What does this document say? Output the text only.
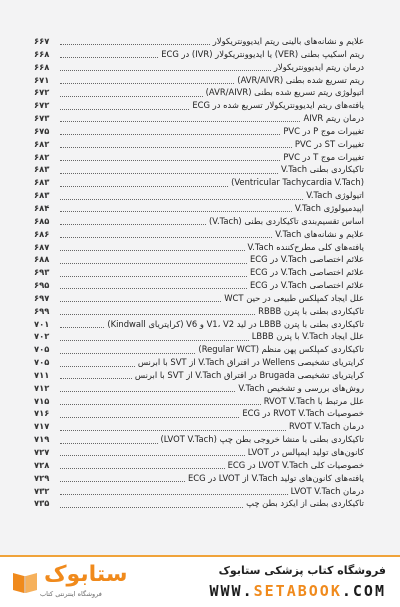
علایم و نشانه‌های بالینی ریتم ایدیوونتریکولار
۶۶۷
ریتم اسکیپ بطنی (VER) یا ایدیوونتریکولار (IVR) در ECG
۶۶۸
درمان ریتم ایدیوونتریکولار
۶۶۸
ریتم تسریع شده بطنی (AVR/AIVR)
۶۷۱
اتیولوژی ریتم تسریع شده بطنی (AVR/AIVR)
۶۷۲
یافته‌های ریتم ایدیوونتریکولار تسریع شده در ECG
۶۷۲
درمان ریتم AIVR
۶۷۳
تغییرات موج P در PVC
۶۷۵
تغییرات ST در PVC
۶۸۲
تغییرات موج T در PVC
۶۸۲
تاکیکاردی بطنی V.Tach
۶۸۳
(Ventricular Tachycardia V.Tach)
۶۸۳
اتیولوژی V.Tach
۶۸۳
اپیدمیولوژی V.Tach
۶۸۴
اساس تقسیم‌بندی تاکیکاردی بطنی (V.Tach)
۶۸۵
علایم و نشانه‌های V.Tach
۶۸۶
یافته‌های کلی مطرح‌کننده V.Tach
۶۸۷
علائم اختصاصی V.Tach در ECG
۶۸۸
علائم اختصاصی V.Tach در ECG
۶۹۳
علائم اختصاصی V.Tach در ECG
۶۹۵
علل ایجاد کمپلکس طبیعی در حین WCT
۶۹۷
تاکیکاردی بطنی با پترن RBBB
۶۹۹
تاکیکاردی بطنی با پترن LBBB در لید V1، V2 و V6 (کرایتریای Kindwall)
۷۰۱
علل ایجاد V.Tach با پترن LBBB
۷۰۲
تاکیکاردی کمپلکس پهن منظم (Regular WCT)
۷۰۵
کرایتریای تشخیصی Wellens در افتراق V.Tach از SVT با ابرنس
۷۰۵
کرایتریای تشخیصی Brugada در افتراق V.Tach از SVT با ابرنس
۷۱۱
روش‌های بررسی و تشخیص V.Tach
۷۱۲
علل مرتبط با RVOT V.Tach
۷۱۵
خصوصیات RVOT V.Tach در ECG
۷۱۶
درمان RVOT V.Tach
۷۱۷
تاکیکاردی بطنی با منشا خروجی بطن چپ (LVOT V.Tach)
۷۱۹
کانون‌های تولید ایمپالس در LVOT
۷۲۷
خصوصیات کلی LVOT V.Tach در ECG
۷۲۸
یافته‌های کانون‌های تولید V.Tach از LVOT در ECG
۷۲۹
درمان LVOT V.Tach
۷۳۲
تاکیکاردی بطنی از ایکزد بطن چپ
۷۳۵
ستابوک
فروشگاه اینترنتی کتاب
فروشگاه کتاب پزشکی ستابوک
WWW.SETABOOK.COM
